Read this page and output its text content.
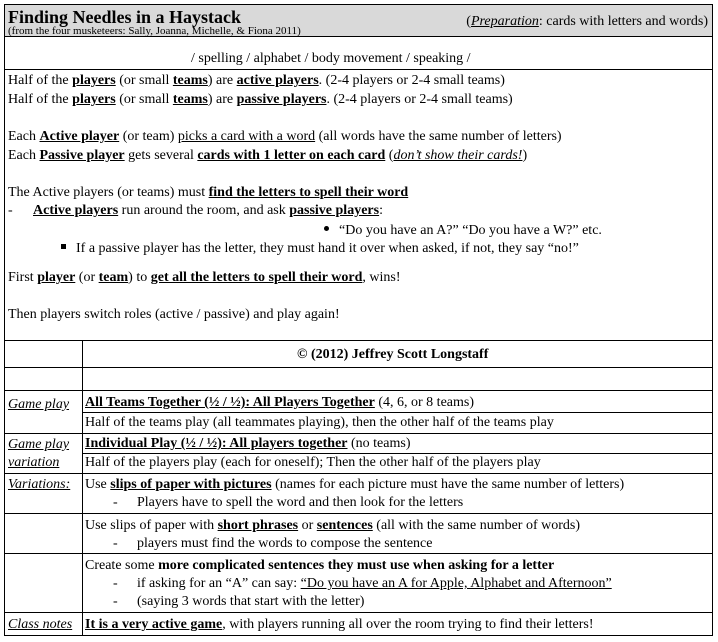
Finding Needles in a Haystack
(from the four musketeers: Sally, Joanna, Michelle, & Fiona 2011)
(Preparation: cards with letters and words)
/ spelling / alphabet / body movement / speaking /
Half of the players (or small teams) are active players. (2-4 players or 2-4 small teams)
Half of the players (or small teams) are passive players. (2-4 players or 2-4 small teams)
Each Active player (or team) picks a card with a word (all words have the same number of letters)
Each Passive player gets several cards with 1 letter on each card (don’t show their cards!)
The Active players (or teams) must find the letters to spell their word
- Active players run around the room, and ask passive players:
“Do you have an A?” “Do you have a W?” etc.
If a passive player has the letter, they must hand it over when asked, if not, they say “no!”
First player (or team) to get all the letters to spell their word, wins!
Then players switch roles (active / passive) and play again!
© (2012) Jeffrey Scott Longstaff
Game play All Teams Together (½ / ½): All Players Together (4, 6, or 8 teams)
Half of the teams play (all teammates playing), then the other half of the teams play
Game play
variation
Individual Play (½ / ½): All players together (no teams)
Half of the players play (each for oneself); Then the other half of the players play
Variations: Use slips of paper with pictures (names for each picture must have the same number of letters)
- Players have to spell the word and then look for the letters
Use slips of paper with short phrases or sentences (all with the same number of words)
- players must find the words to compose the sentence
Create some more complicated sentences they must use when asking for a letter
- if asking for an “A” can say: “Do you have an A for Apple, Alphabet and Afternoon”
- (saying 3 words that start with the letter)
Class notes It is a very active game, with players running all over the room trying to find their letters!
